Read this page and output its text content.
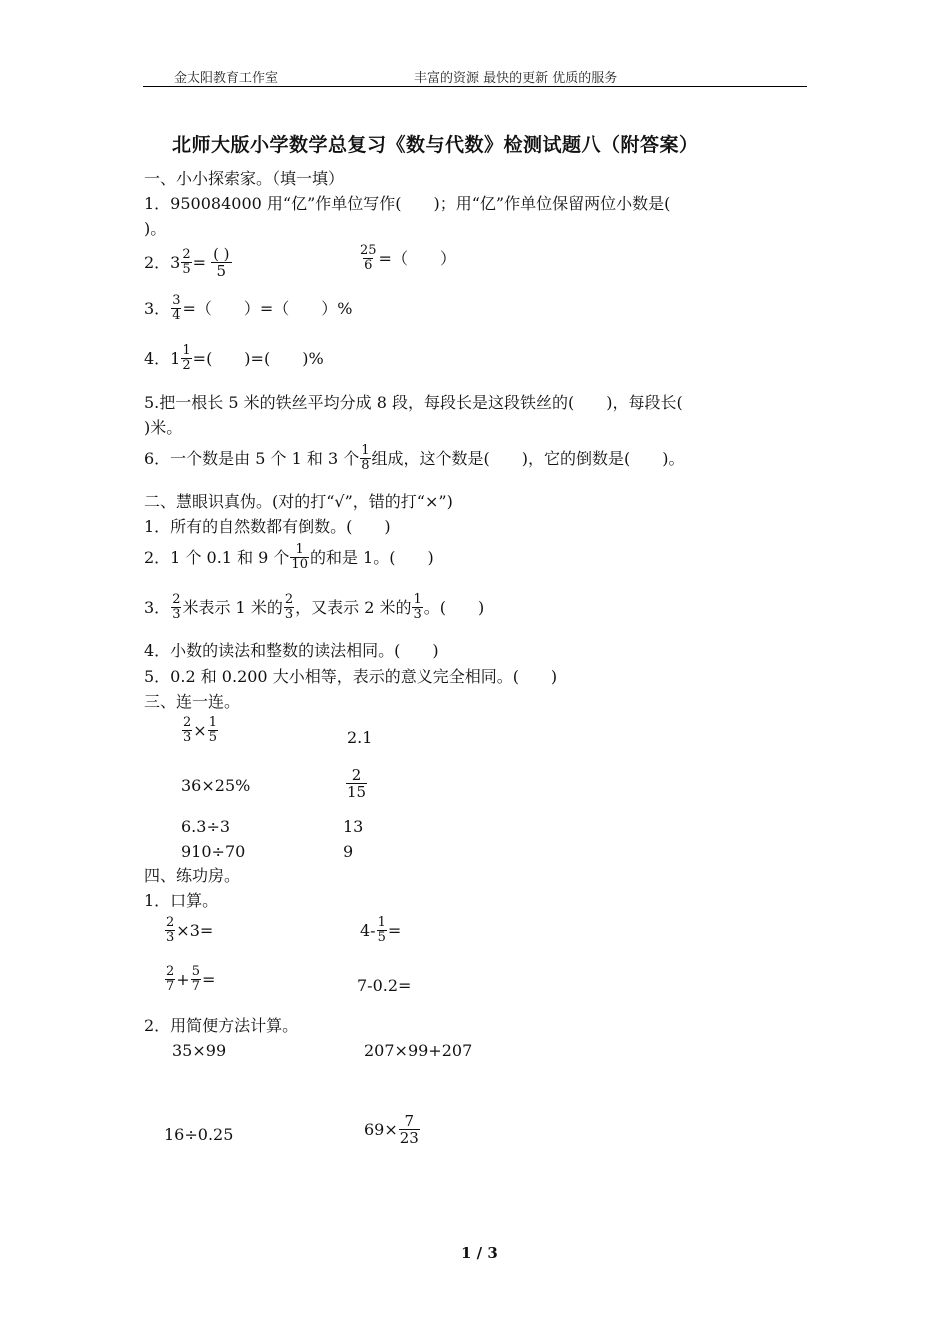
金太阳教育工作室	丰富的资源 最快的更新 优质的服务
北师大版小学数学总复习《数与代数》检测试题八（附答案）
一、小小探索家。（填一填）
1．950084000 用“亿”作单位写作(　　)；用“亿”作单位保留两位小数是(
)。
2．$3 \frac{2}{5} = \frac{( )}{5}$	$\frac{25}{6}$ =（　　）
3． $\frac{3}{4}$ =（　　）=（　　）%
4．$1 \frac{1}{2}$ =(　　)=(　　)%
5.把一根长 5 米的铁丝平均分成 8 段，每段长是这段铁丝的(　　)，每段长(
)米。
6．一个数是由 5 个 1 和 3 个 $\frac{1}{8}$ 组成，这个数是(　　)，它的倒数是(　　)。
二、慧眼识真伪。(对的打“√”，错的打“×”)
1．所有的自然数都有倒数。(　　)
2．1 个 0.1 和 9 个 $\frac{1}{10}$ 的和是 1。(　　)
3． $\frac{2}{3}$ 米表示 1 米的 $\frac{2}{3}$ ，又表示 2 米的 $\frac{1}{3}$ 。(　　)
4．小数的读法和整数的读法相同。(　　)
5．0.2 和 0.200 大小相等，表示的意义完全相同。(　　)
三、连一连。
$\frac{2}{3} \times \frac{1}{5}$	2.1
36×25%	$\frac{2}{15}$
6.3÷3	13
910÷70	9
四、练功房。
1．口算。
$\frac{2}{3} \times 3=$	$4- \frac{1}{5}$ =
$\frac{2}{7} + \frac{5}{7}$ =	7-0.2=
2．用简便方法计算。
35×99	207×99+207
16÷0.25	$69\times \frac{7}{23}$
1 / 3
